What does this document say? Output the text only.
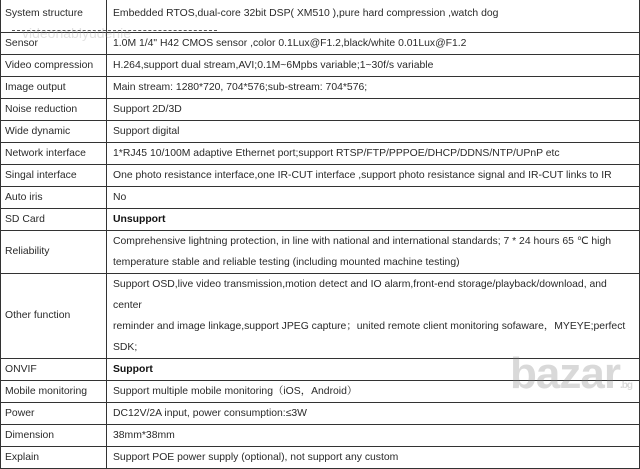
System structure	Embedded RTOS,dual-core 32bit DSP( XM510 ),pure hard compression ,watch dog
Sensor	1.0M 1/4" H42 CMOS sensor ,color 0.1Lux@F1.2,black/white 0.01Lux@F1.2
Video compression	H.264,support dual stream,AVI;0.1M~6Mpbs variable;1~30f/s variable
Image output	Main stream: 1280*720, 704*576;sub-stream: 704*576;
Noise reduction	Support 2D/3D
Wide dynamic	Support digital
Network interface	1*RJ45 10/100M adaptive Ethernet port;support RTSP/FTP/PPPOE/DHCP/DDNS/NTP/UPnP etc
Singal interface	One photo resistance interface,one IR-CUT interface ,support photo resistance signal and IR-CUT links to IR
Auto iris	No
SD Card	Unsupport
Reliability	Comprehensive lightning protection, in line with national and international standards; 7 * 24 hours 65 ℃ high
temperature stable and reliable testing (including mounted machine testing)

Other function	Support OSD,live video transmission,motion detect and IO alarm,front-end storage/playback/download, and center
reminder and image linkage,support JPEG capture；united remote client monitoring sofaware，MYEYE;perfect SDK;

ONVIF	Support
Mobile monitoring	Support multiple mobile monitoring（iOS，Android）
Power	DC12V/2A input, power consumption:≤3W
Dimension	38mm*38mm
Explain	Support POE power supply (optional), not support any custom
videonablyudenie
bazar.bg
